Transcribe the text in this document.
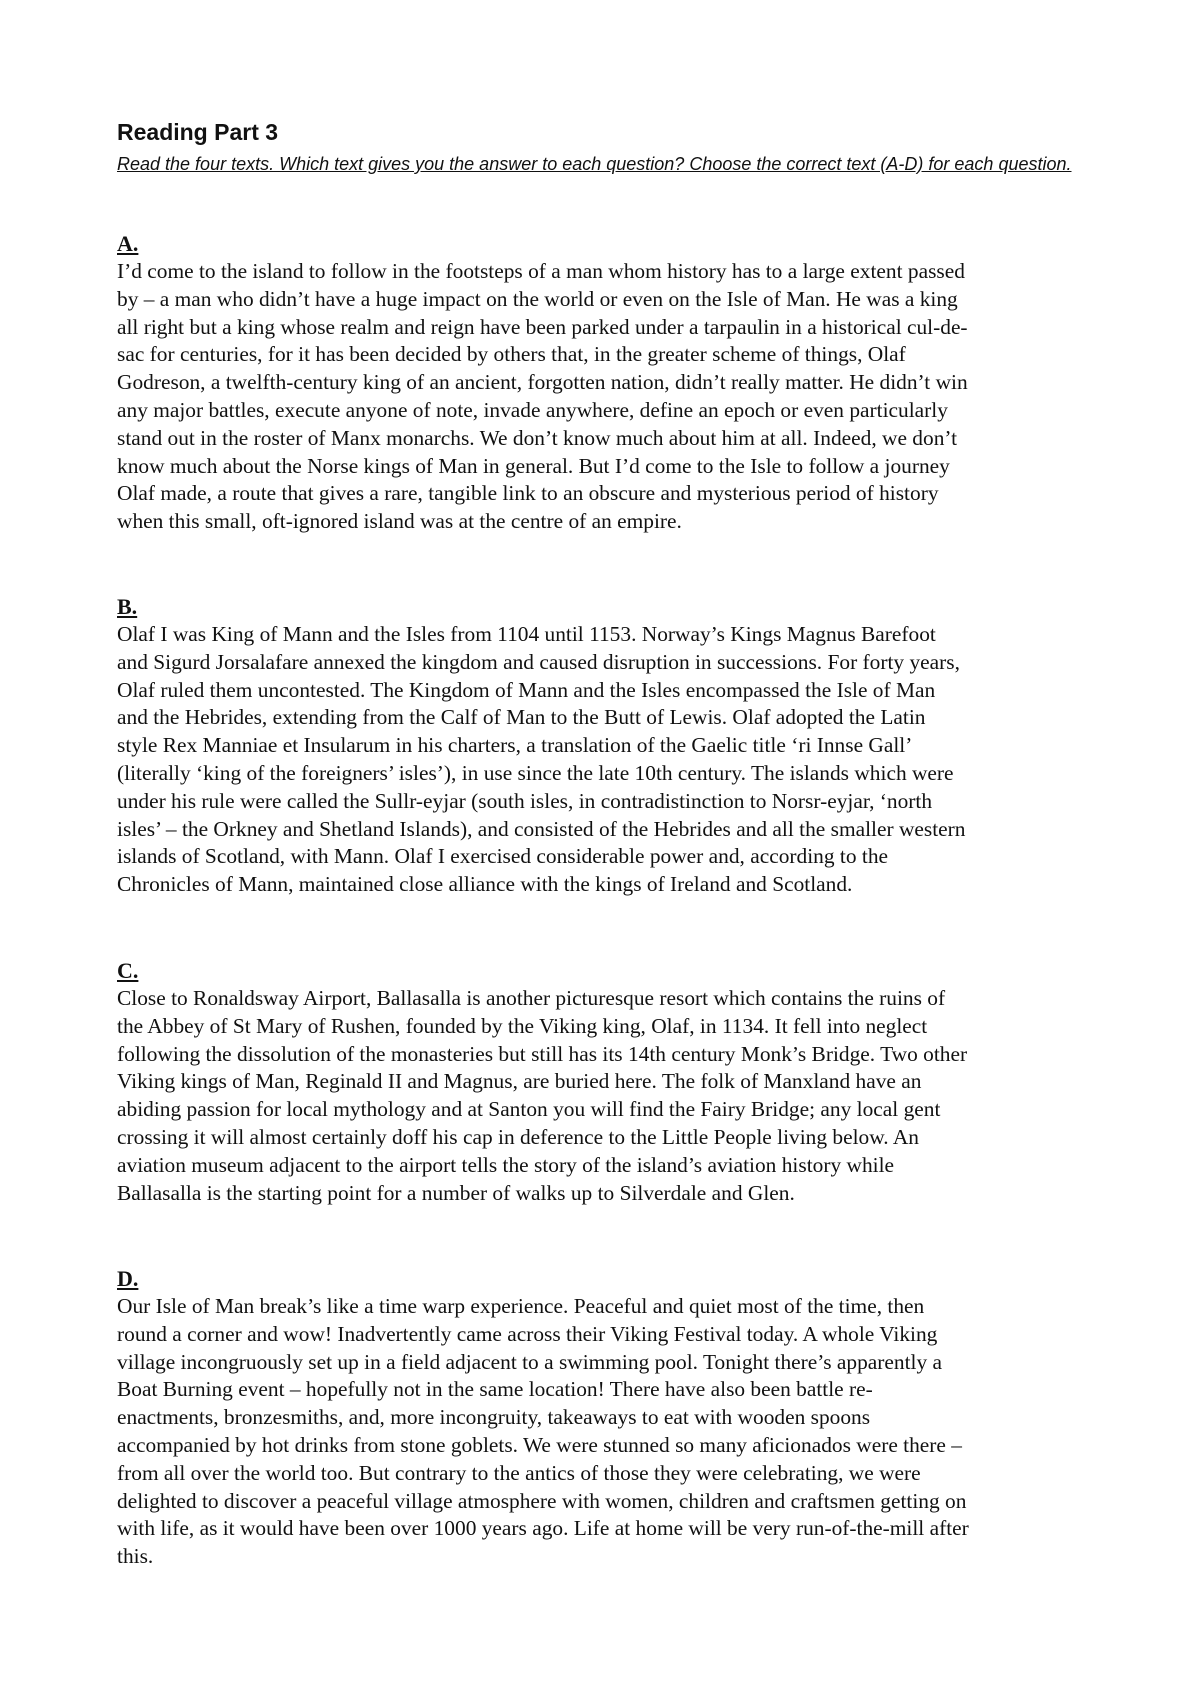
Reading Part 3

Read the four texts. Which text gives you the answer to each question? Choose the correct text (A-D) for each question.

A.

I’d come to the island to follow in the footsteps of a man whom history has to a large extent passed
by – a man who didn’t have a huge impact on the world or even on the Isle of Man. He was a king
all right but a king whose realm and reign have been parked under a tarpaulin in a historical cul-de-
sac for centuries, for it has been decided by others that, in the greater scheme of things, Olaf
Godreson, a twelfth-century king of an ancient, forgotten nation, didn’t really matter. He didn’t win
any major battles, execute anyone of note, invade anywhere, define an epoch or even particularly
stand out in the roster of Manx monarchs. We don’t know much about him at all. Indeed, we don’t
know much about the Norse kings of Man in general. But I’d come to the Isle to follow a journey
Olaf made, a route that gives a rare, tangible link to an obscure and mysterious period of history
when this small, oft-ignored island was at the centre of an empire.

B.

Olaf I was King of Mann and the Isles from 1104 until 1153. Norway’s Kings Magnus Barefoot
and Sigurd Jorsalafare annexed the kingdom and caused disruption in successions. For forty years,
Olaf ruled them uncontested. The Kingdom of Mann and the Isles encompassed the Isle of Man
and the Hebrides, extending from the Calf of Man to the Butt of Lewis. Olaf adopted the Latin
style Rex Manniae et Insularum in his charters, a translation of the Gaelic title ‘ri Innse Gall’
(literally ‘king of the foreigners’ isles’), in use since the late 10th century. The islands which were
under his rule were called the Sullr-eyjar (south isles, in contradistinction to Norsr-eyjar, ‘north
isles’ – the Orkney and Shetland Islands), and consisted of the Hebrides and all the smaller western
islands of Scotland, with Mann. Olaf I exercised considerable power and, according to the
Chronicles of Mann, maintained close alliance with the kings of Ireland and Scotland.

C.

Close to Ronaldsway Airport, Ballasalla is another picturesque resort which contains the ruins of
the Abbey of St Mary of Rushen, founded by the Viking king, Olaf, in 1134. It fell into neglect
following the dissolution of the monasteries but still has its 14th century Monk’s Bridge. Two other
Viking kings of Man, Reginald II and Magnus, are buried here. The folk of Manxland have an
abiding passion for local mythology and at Santon you will find the Fairy Bridge; any local gent
crossing it will almost certainly doff his cap in deference to the Little People living below. An
aviation museum adjacent to the airport tells the story of the island’s aviation history while
Ballasalla is the starting point for a number of walks up to Silverdale and Glen.

D.

Our Isle of Man break’s like a time warp experience. Peaceful and quiet most of the time, then
round a corner and wow! Inadvertently came across their Viking Festival today. A whole Viking
village incongruously set up in a field adjacent to a swimming pool. Tonight there’s apparently a
Boat Burning event – hopefully not in the same location! There have also been battle re-
enactments, bronzesmiths, and, more incongruity, takeaways to eat with wooden spoons
accompanied by hot drinks from stone goblets. We were stunned so many aficionados were there –
from all over the world too. But contrary to the antics of those they were celebrating, we were
delighted to discover a peaceful village atmosphere with women, children and craftsmen getting on
with life, as it would have been over 1000 years ago. Life at home will be very run-of-the-mill after
this.
